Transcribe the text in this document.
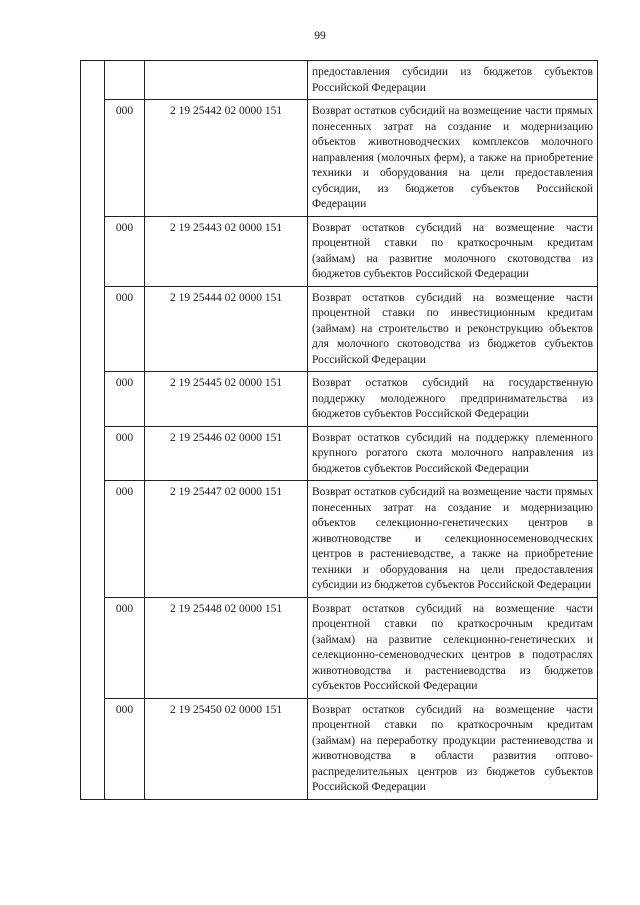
99
			предоставления субсидии из бюджетов субъектов Российской Федерации
	000	2 19 25442 02 0000 151	Возврат остатков субсидий на возмещение части прямых понесенных затрат на создание и модернизацию объектов животноводческих комплексов молочного направления (молочных ферм), а также на приобретение техники и оборудования на цели предоставления субсидии, из бюджетов субъектов Российской Федерации
	000	2 19 25443 02 0000 151	Возврат остатков субсидий на возмещение части процентной ставки по краткосрочным кредитам (займам) на развитие молочного скотоводства из бюджетов субъектов Российской Федерации
	000	2 19 25444 02 0000 151	Возврат остатков субсидий на возмещение части процентной ставки по инвестиционным кредитам (займам) на строительство и реконструкцию объектов для молочного скотоводства из бюджетов субъектов Российской Федерации
	000	2 19 25445 02 0000 151	Возврат остатков субсидий на государственную поддержку молодежного предпринимательства из бюджетов субъектов Российской Федерации
	000	2 19 25446 02 0000 151	Возврат остатков субсидий на поддержку племенного крупного рогатого скота молочного направления из бюджетов субъектов Российской Федерации
	000	2 19 25447 02 0000 151	Возврат остатков субсидий на возмещение части прямых понесенных затрат на создание и модернизацию объектов селекционно-генетических центров в животноводстве и селекционносеменоводческих центров в растениеводстве, а также на приобретение техники и оборудования на цели предоставления субсидии из бюджетов субъектов Российской Федерации
	000	2 19 25448 02 0000 151	Возврат остатков субсидий на возмещение части процентной ставки по краткосрочным кредитам (займам) на развитие селекционно-генетических и селекционно-семеноводческих центров в подотраслях животноводства и растениеводства из бюджетов субъектов Российской Федерации
	000	2 19 25450 02 0000 151	Возврат остатков субсидий на возмещение части процентной ставки по краткосрочным кредитам (займам) на переработку продукции растениеводства и животноводства в области развития оптовораспределительных центров из бюджетов субъектов Российской Федерации
